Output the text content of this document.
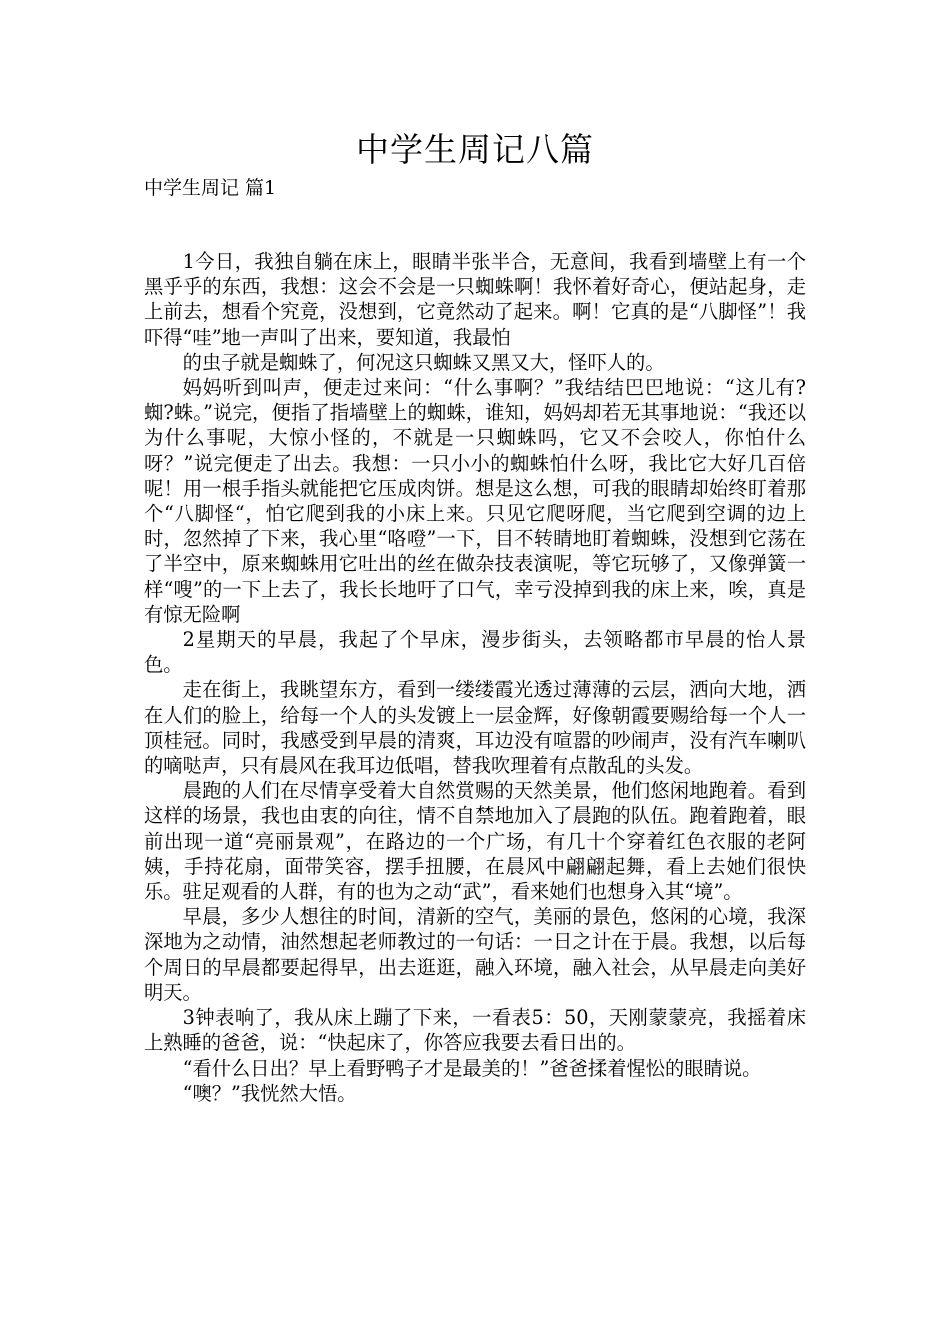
中学生周记八篇
中学生周记 篇1

1今日，我独自躺在床上，眼睛半张半合，无意间，我看到墙壁上有一个黑乎乎的东西，我想：这会不会是一只蜘蛛啊！我怀着好奇心，便站起身，走上前去，想看个究竟，没想到，它竟然动了起来。啊！它真的是“八脚怪”！我吓得“哇”地一声叫了出来，要知道，我最怕

的虫子就是蜘蛛了，何况这只蜘蛛又黑又大，怪吓人的。

妈妈听到叫声，便走过来问：“什么事啊？”我结结巴巴地说：“这儿有?蜘?蛛。”说完，便指了指墙壁上的蜘蛛，谁知，妈妈却若无其事地说：“我还以为什么事呢，大惊小怪的，不就是一只蜘蛛吗，它又不会咬人，你怕什么呀？”说完便走了出去。我想：一只小小的蜘蛛怕什么呀，我比它大好几百倍呢！用一根手指头就能把它压成肉饼。想是这么想，可我的眼睛却始终盯着那个“八脚怪“，怕它爬到我的小床上来。只见它爬呀爬，当它爬到空调的边上时，忽然掉了下来，我心里“咯噔”一下，目不转睛地盯着蜘蛛，没想到它荡在了半空中，原来蜘蛛用它吐出的丝在做杂技表演呢，等它玩够了，又像弹簧一样“嗖”的一下上去了，我长长地吁了口气，幸亏没掉到我的床上来，唉，真是有惊无险啊

2星期天的早晨，我起了个早床，漫步街头，去领略都市早晨的怡人景色。

走在街上，我眺望东方，看到一缕缕霞光透过薄薄的云层，洒向大地，洒在人们的脸上，给每一个人的头发镀上一层金辉，好像朝霞要赐给每一个人一顶桂冠。同时，我感受到早晨的清爽，耳边没有喧嚣的吵闹声，没有汽车喇叭的嘀哒声，只有晨风在我耳边低唱，替我吹理着有点散乱的头发。

晨跑的人们在尽情享受着大自然赏赐的天然美景，他们悠闲地跑着。看到这样的场景，我也由衷的向往，情不自禁地加入了晨跑的队伍。跑着跑着，眼前出现一道“亮丽景观”，在路边的一个广场，有几十个穿着红色衣服的老阿姨，手持花扇，面带笑容，摆手扭腰，在晨风中翩翩起舞，看上去她们很快乐。驻足观看的人群，有的也为之动“武”，看来她们也想身入其“境”。

早晨，多少人想往的时间，清新的空气，美丽的景色，悠闲的心境，我深深地为之动情，油然想起老师教过的一句话：一日之计在于晨。我想，以后每个周日的早晨都要起得早，出去逛逛，融入环境，融入社会，从早晨走向美好明天。

3钟表响了，我从床上蹦了下来，一看表5：50，天刚蒙蒙亮，我摇着床上熟睡的爸爸，说：“快起床了，你答应我要去看日出的。

“看什么日出？早上看野鸭子才是最美的！”爸爸揉着惺忪的眼睛说。

“噢？”我恍然大悟。
